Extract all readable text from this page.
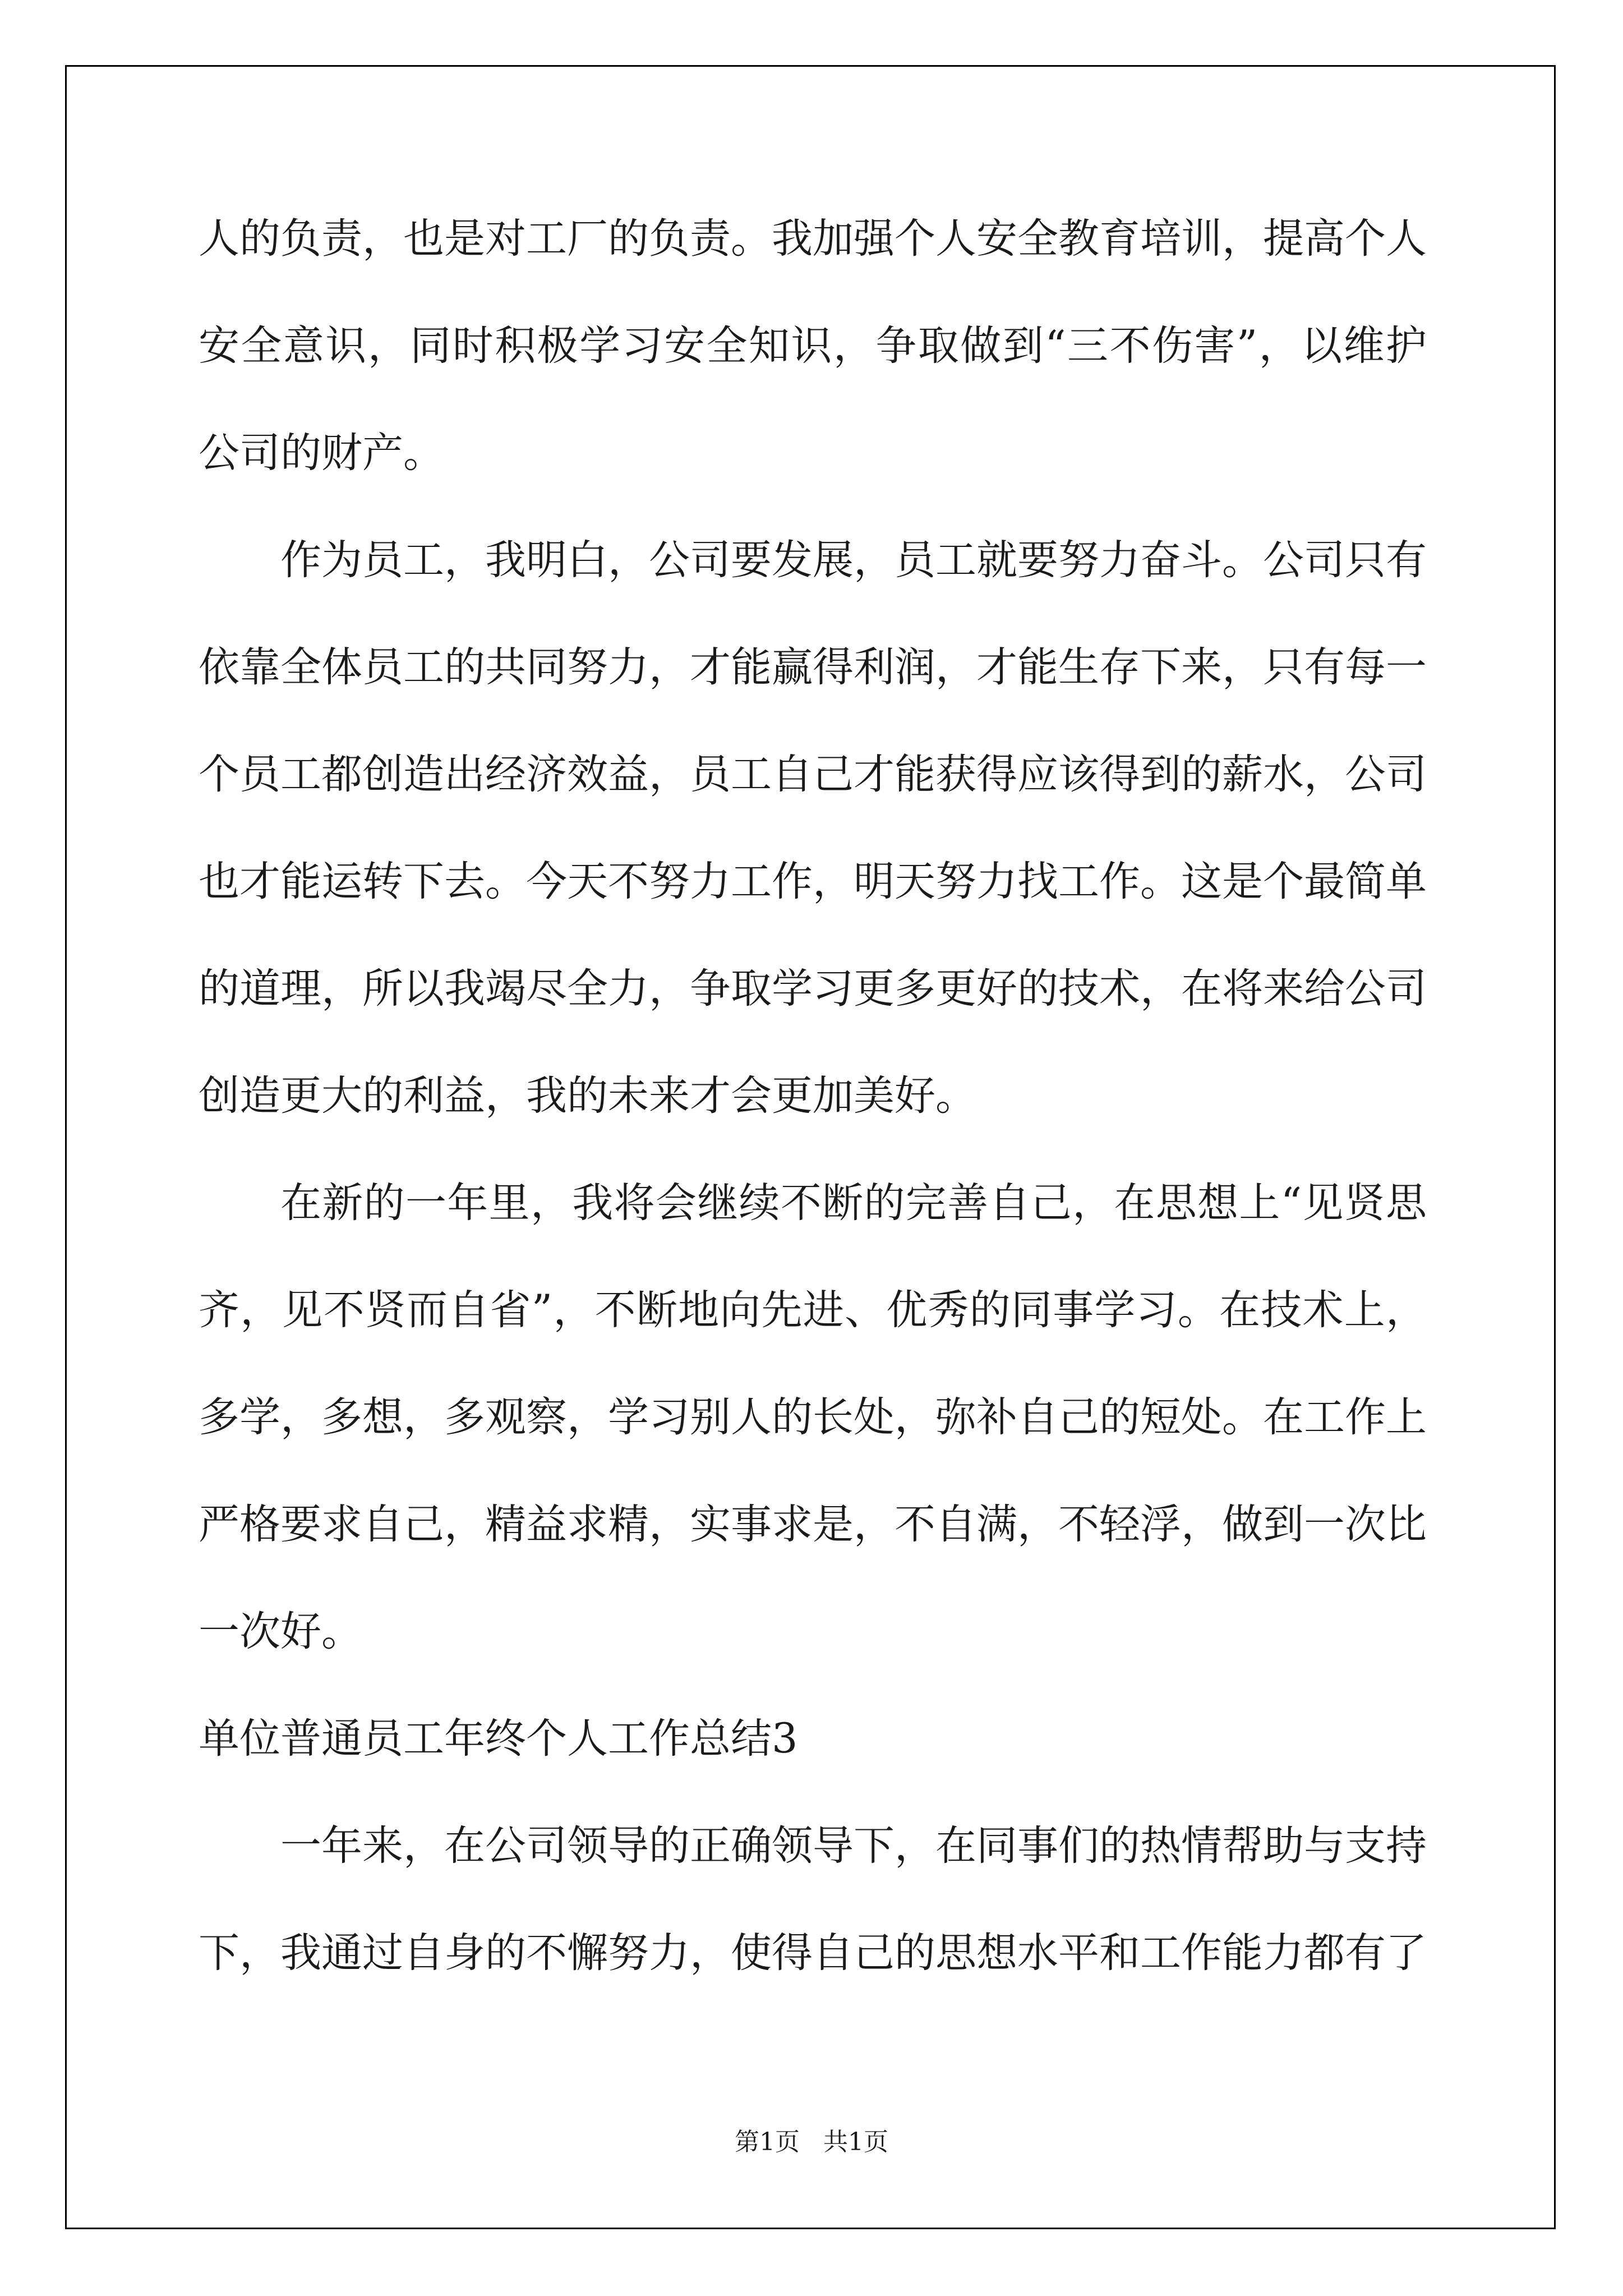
人的负责，也是对工厂的负责。我加强个人安全教育培训，提高个人安全意识，同时积极学习安全知识，争取做到“三不伤害”，以维护公司的财产。

作为员工，我明白，公司要发展，员工就要努力奋斗。公司只有依靠全体员工的共同努力，才能赢得利润，才能生存下来，只有每一个员工都创造出经济效益，员工自己才能获得应该得到的薪水，公司也才能运转下去。今天不努力工作，明天努力找工作。这是个最简单的道理，所以我竭尽全力，争取学习更多更好的技术，在将来给公司创造更大的利益，我的未来才会更加美好。

在新的一年里，我将会继续不断的完善自己，在思想上“见贤思齐，见不贤而自省”，不断地向先进、优秀的同事学习。在技术上，多学，多想，多观察，学习别人的长处，弥补自己的短处。在工作上严格要求自己，精益求精，实事求是，不自满，不轻浮，做到一次比一次好。

单位普通员工年终个人工作总结3

一年来，在公司领导的正确领导下，在同事们的热情帮助与支持下，我通过自身的不懈努力，使得自己的思想水平和工作能力都有了

第1页   共1页
